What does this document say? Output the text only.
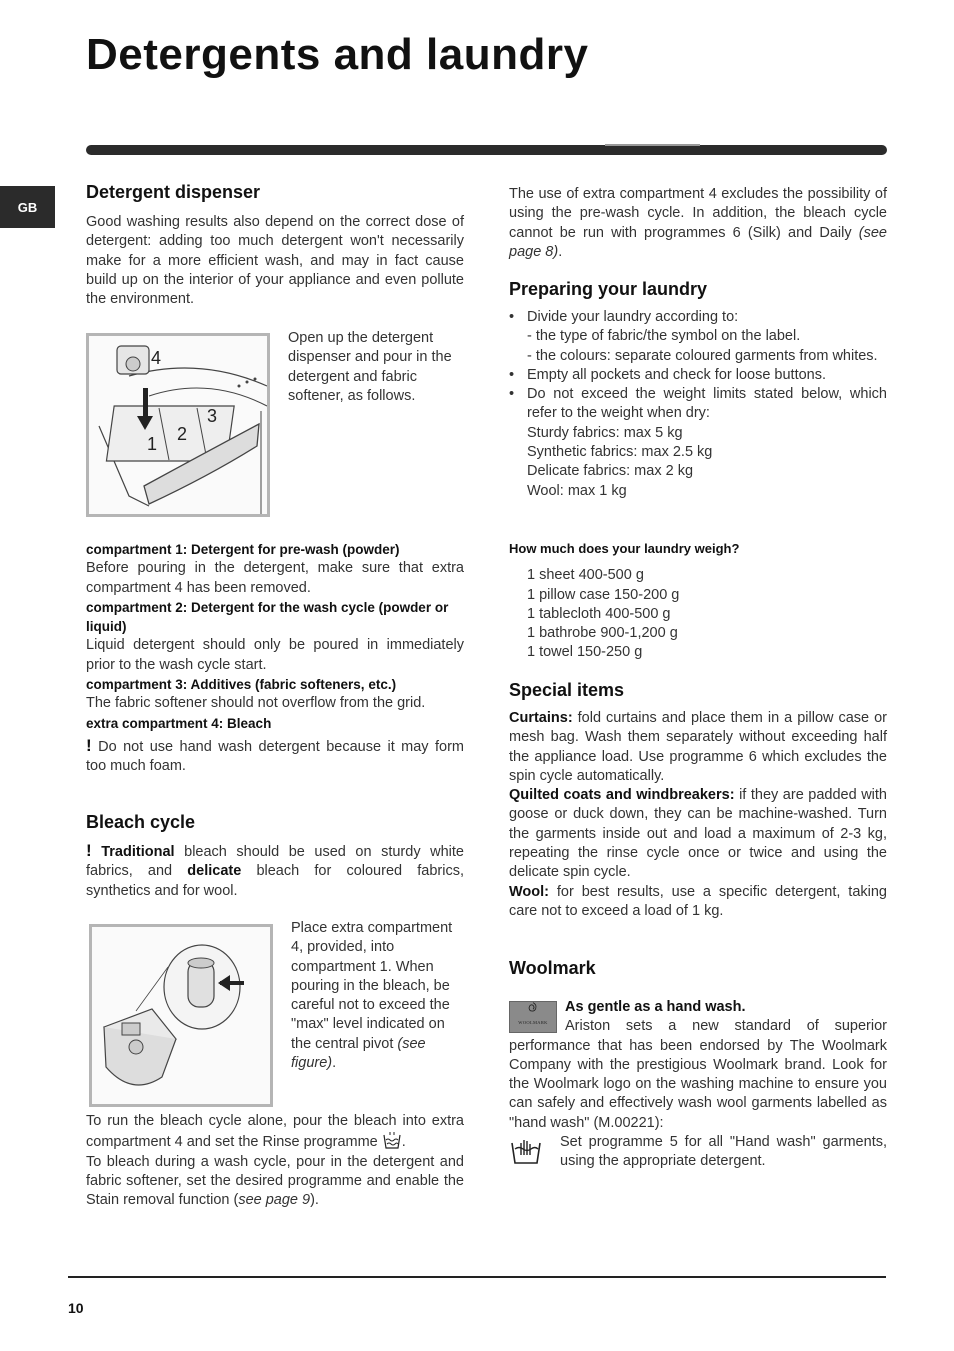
Detergents and laundry
GB
Detergent dispenser
Good washing results also depend on the correct dose of detergent: adding too much detergent won't necessarily make for a more efficient wash, and may in fact cause build up on the interior of your appliance and even pollute the environment.
4
3
2
1
Open up the detergent dispenser and pour in the detergent and fabric softener, as follows.
compartment 1: Detergent for pre-wash (powder)
Before pouring in the detergent, make sure that extra compartment 4 has been removed.
compartment 2: Detergent for the wash cycle (powder or liquid)
Liquid detergent should only be poured in immediately prior to the wash cycle start.
compartment 3: Additives (fabric softeners, etc.)
The fabric softener should not overflow from the grid.
extra compartment 4: Bleach
! Do not use hand wash detergent because it may form too much foam.
Bleach cycle
! Traditional bleach should be used on sturdy white fabrics, and delicate bleach for coloured fabrics, synthetics and for wool.
Place extra compartment 4, provided, into compartment 1. When pouring in the bleach, be careful not to exceed the "max" level indicated on the central pivot (see figure).
To run the bleach cycle alone, pour the bleach into extra compartment 4 and set the Rinse programme .
To bleach during a wash cycle, pour in the detergent and fabric softener, set the desired programme and enable the Stain removal function (see page 9).
The use of extra compartment 4 excludes the possibility of using the pre-wash cycle. In addition, the bleach cycle cannot be run with programmes 6 (Silk) and Daily (see page 8).
Preparing your laundry
• Divide your laundry according to:
- the type of fabric/the symbol on the label.
- the colours: separate coloured garments from whites.
• Empty all pockets and check for loose buttons.
• Do not exceed the weight limits stated below, which refer to the weight when dry:
Sturdy fabrics: max 5 kg
Synthetic fabrics: max 2.5 kg
Delicate fabrics: max 2 kg
Wool: max 1 kg
How much does your laundry weigh?
1 sheet 400-500 g
1 pillow case 150-200 g
1 tablecloth 400-500 g
1 bathrobe 900-1,200 g
1 towel 150-250 g
Special items
Curtains: fold curtains and place them in a pillow case or mesh bag. Wash them separately without exceeding half the appliance load. Use programme 6 which excludes the spin cycle automatically.
Quilted coats and windbreakers: if they are padded with goose or duck down, they can be machine-washed. Turn the garments inside out and load a maximum of 2-3 kg, repeating the rinse cycle once or twice and using the delicate spin cycle.
Wool: for best results, use a specific detergent, taking care not to exceed a load of 1 kg.
Woolmark
WOOLMARK
As gentle as a hand wash.
Ariston sets a new standard of superior performance that has been endorsed by The Woolmark Company with the prestigious Woolmark brand. Look for the Woolmark logo on the washing machine to ensure you can safely and effectively wash wool garments labelled as "hand wash" (M.00221):
Set programme 5 for all "Hand wash" garments, using the appropriate detergent.
10
